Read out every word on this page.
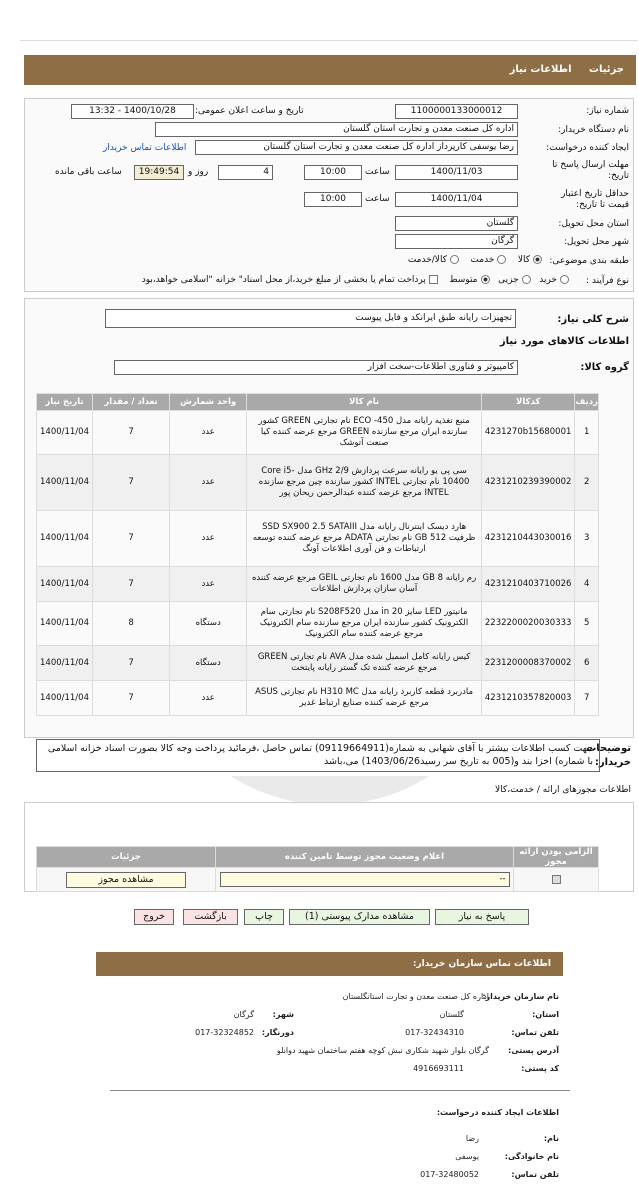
جزئیات     اطلاعات نیاز
شماره نیاز:
1100000133000012
تاریخ و ساعت اعلان عمومی:
1400/10/28 - 13:32
نام دستگاه خریدار:
اداره کل صنعت معدن و تجارت استان گلستان
ایجاد کننده درخواست:
رضا یوسفی کارپرداز اداره کل صنعت معدن و تجارت استان گلستان
اطلاعات تماس خریدار
مهلت ارسال پاسخ تا تاریخ:
1400/11/03
ساعت
10:00
4
روز و
19:49:54
ساعت باقی مانده
حداقل تاریخ اعتبار قیمت تا تاریخ:
1400/11/04
ساعت
10:00
استان محل تحویل:
گلستان
شهر محل تحویل:
گرگان
طبقه بندی موضوعی:
کالا    خدمت    کالا/خدمت
نوع فرآیند :
خرید   جزیی   متوسط     پرداخت تمام یا بخشی از مبلغ خرید،از محل اسناد" خزانه "اسلامی خواهد،بود
شرح کلی نیاز:
تجهیزات رایانه طبق ایرانکد و فایل پیوست
اطلاعات کالاهای مورد نیاز
گروه کالا:
کامپیوتر و فناوری اطلاعات-سخت افزار
ردیف	کدکالا	نام کالا	واحد شمارش	تعداد / مقدار	تاریخ نیاز
1	4231270b15680001	منبع تغذیه رایانه مدل 450- ECO نام تجارتی GREEN کشور سازنده ایران مرجع سازنده GREEN مرجع عرضه کننده کیا صنعت آتوشک	عدد	7	1400/11/04
2	4231210239390002	سی پی یو رایانه سرعت پردازش 2/9 GHz مدل Core i5-10400 نام تجارتی INTEL کشور سازنده چین مرجع سازنده INTEL مرجع عرضه کننده عبدالرحمن ریحان پور	عدد	7	1400/11/04
3	4231210443030016	هارد دیسک اینترنال رایانه مدل SSD SX900 2.5 SATAIII ظرفیت 512 GB نام تجارتی ADATA مرجع عرضه کننده توسعه ارتباطات و فن آوری اطلاعات آونگ	عدد	7	1400/11/04
4	4231210403710026	رم رایانه 8 GB مدل 1600 نام تجارتی GEIL مرجع عرضه کننده آسان سازان پردازش اطلاعات	عدد	7	1400/11/04
5	2232200020030333	مانیتور LED سایز 20 in مدل S208F520 نام تجارتی سام الکترونیک کشور سازنده ایران مرجع سازنده سام الکترونیک مرجع عرضه کننده سام الکترونیک	دستگاه	8	1400/11/04
6	2231200008370002	کیس رایانه کامل اسمبل شده مدل AVA نام تجارتی GREEN مرجع عرضه کننده تک گستر رایانه پایتخت	دستگاه	7	1400/11/04
7	4231210357820003	مادربرد قطعه کاربرد رایانه مدل H310 MC نام تجارتی ASUS مرجع عرضه کننده صنایع ارتباط غدیر	عدد	7	1400/11/04
توضیحات خریدار:
جهت کسب اطلاعات بیشتر با آقای شهابی به شماره(09119664911) تماس حاصل ،فرمائید پرداخت وجه کالا بصورت اسناد خزانه اسلامی با شماره) اخزا بند و(005 به تاریخ سر رسید1403/06/26) می،باشد
اطلاعات مجوزهای ارائه / خدمت،کالا
الزامی بودن ارائه مجوز	اعلام وضعیت مجوز توسط تامین کننده	جزئیات

	--	مشاهده مجوز
پاسخ به نیاز
مشاهده مدارک پیوستی (1)
چاپ
بازگشت
خروج
اطلاعات تماس سازمان خریدار:
نام سازمان خریدار:
اداره کل صنعت معدن و تجارت استانگلستان
استان:
گلستان
شهر:
گرگان
تلفن تماس:
017-32434310
دورنگار:
017-32324852
آدرس پستی:
گرگان بلوار شهید شکاری نبش کوچه هفتم ساختمان شهید دوانلو
کد پستی:
4916693111
اطلاعات ایجاد کننده درخواست:
نام:
رضا
نام خانوادگی:
یوسفی
تلفن تماس:
017-32480052
